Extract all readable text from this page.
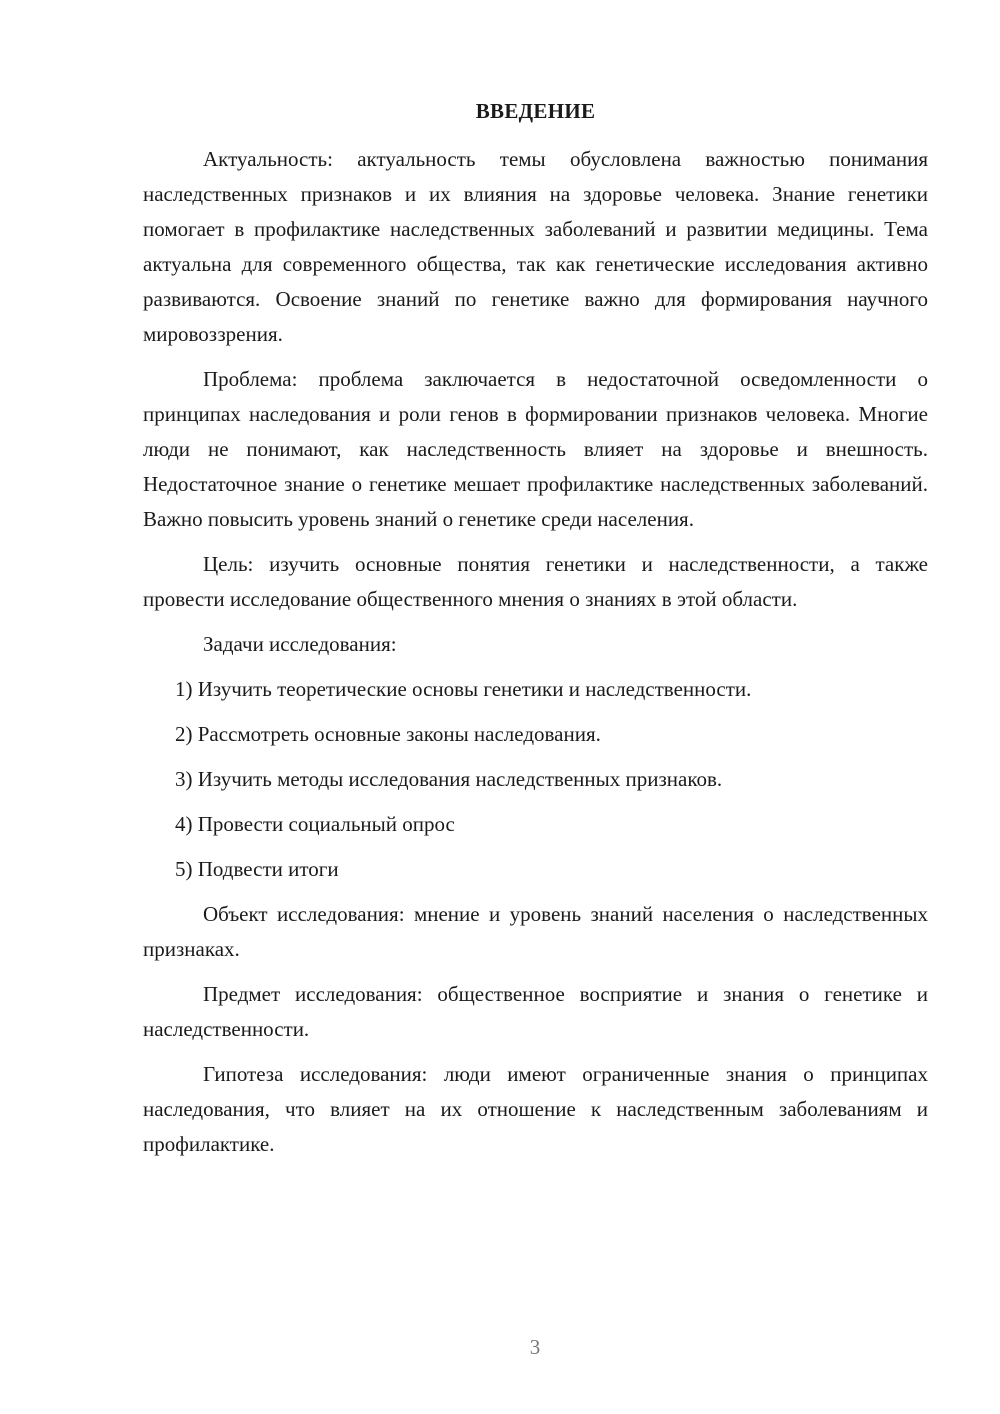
ВВЕДЕНИЕ

Актуальность: актуальность темы обусловлена важностью понимания наследственных признаков и их влияния на здоровье человека. Знание генетики помогает в профилактике наследственных заболеваний и развитии медицины. Тема актуальна для современного общества, так как генетические исследования активно развиваются. Освоение знаний по генетике важно для формирования научного мировоззрения.

Проблема: проблема заключается в недостаточной осведомленности о принципах наследования и роли генов в формировании признаков человека. Многие люди не понимают, как наследственность влияет на здоровье и внешность. Недостаточное знание о генетике мешает профилактике наследственных заболеваний. Важно повысить уровень знаний о генетике среди населения.

Цель: изучить основные понятия генетики и наследственности, а также провести исследование общественного мнения о знаниях в этой области.

Задачи исследования:

1) Изучить теоретические основы генетики и наследственности.

2) Рассмотреть основные законы наследования.

3) Изучить методы исследования наследственных признаков.

4) Провести социальный опрос

5) Подвести итоги

Объект исследования: мнение и уровень знаний населения о наследственных признаках.

Предмет исследования: общественное восприятие и знания о генетике и наследственности.

Гипотеза исследования: люди имеют ограниченные знания о принципах наследования, что влияет на их отношение к наследственным заболеваниям и профилактике.

3
